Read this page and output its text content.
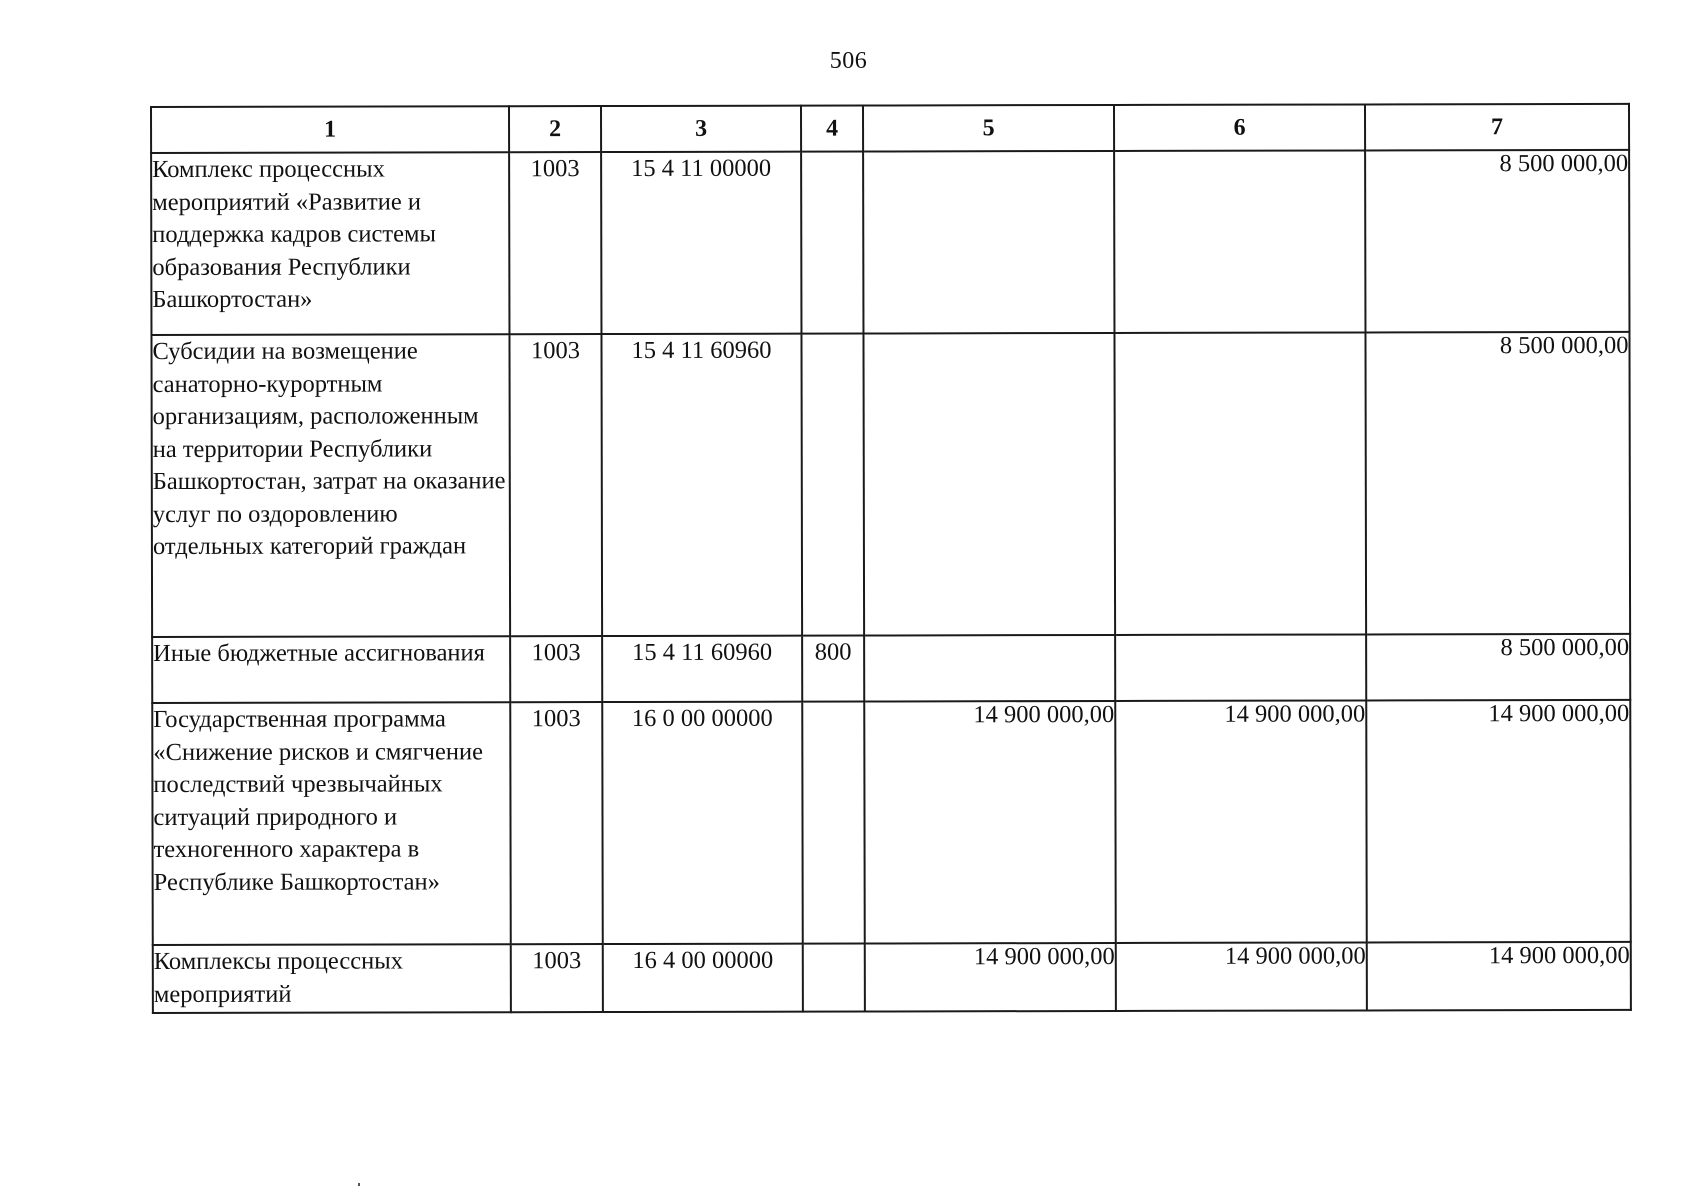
506
1	2	3	4	5	6	7
Комплекс процессных мероприятий «Развитие и поддержка кадров системы образования Республики Башкортостан»	1003	15 4 11 00000				8 500 000,00

Субсидии на возмещение санаторно-курортным организациям, расположенным на территории Республики Башкортостан, затрат на оказание услуг по оздоровлению отдельных категорий граждан	1003	15 4 11 60960				8 500 000,00

Иные бюджетные ассигнования	1003	15 4 11 60960	800			8 500 000,00

Государственная программа «Снижение рисков и смягчение последствий чрезвычайных ситуаций природного и техногенного характера в Республике Башкортостан»	1003	16 0 00 00000		14 900 000,00	14 900 000,00	14 900 000,00

Комплексы процессных мероприятий	1003	16 4 00 00000		14 900 000,00	14 900 000,00	14 900 000,00
